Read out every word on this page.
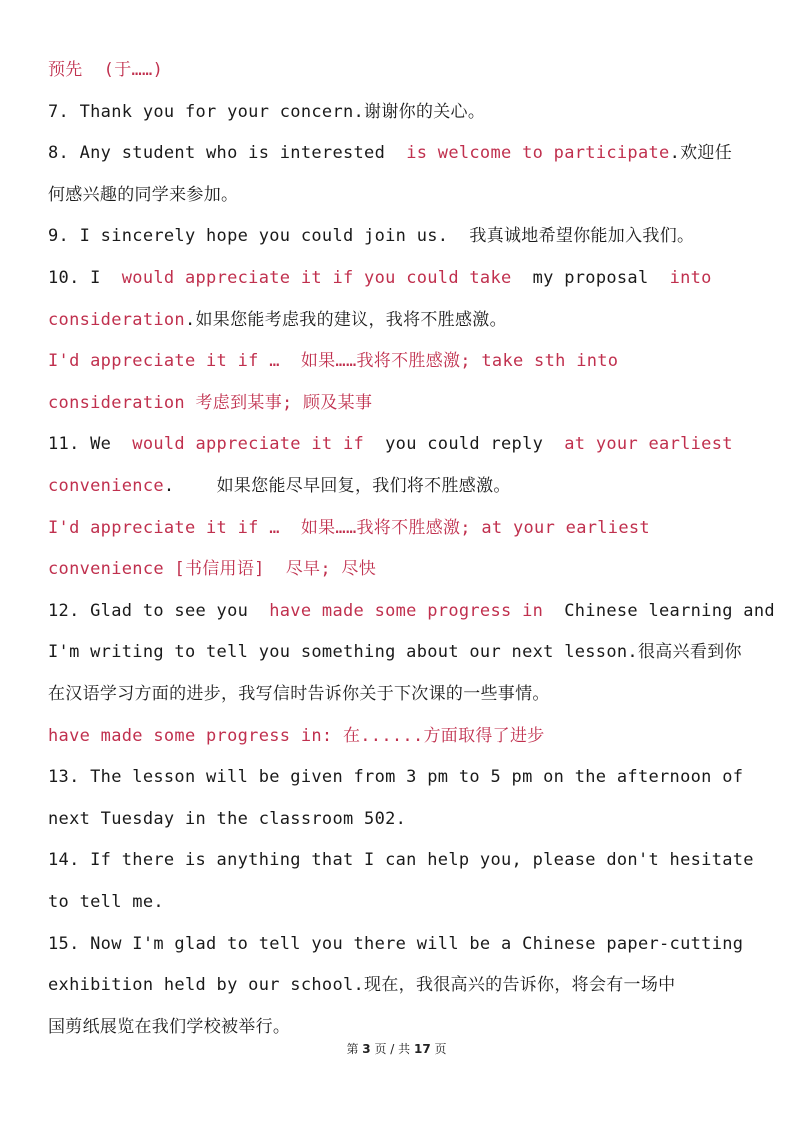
预先  (于……)
7. Thank you for your concern.谢谢你的关心。
8. Any student who is interested  is welcome to participate.欢迎任
何感兴趣的同学来参加。
9. I sincerely hope you could join us.  我真诚地希望你能加入我们。
10. I  would appreciate it if you could take  my proposal  into
consideration.如果您能考虑我的建议，我将不胜感激。
I'd appreciate it if …  如果……我将不胜感激; take sth into
consideration 考虑到某事; 顾及某事
11. We  would appreciate it if  you could reply  at your earliest
convenience.    如果您能尽早回复，我们将不胜感激。
I'd appreciate it if …  如果……我将不胜感激; at your earliest
convenience [书信用语]  尽早; 尽快
12. Glad to see you  have made some progress in  Chinese learning and
I'm writing to tell you something about our next lesson.很高兴看到你
在汉语学习方面的进步，我写信时告诉你关于下次课的一些事情。
have made some progress in: 在......方面取得了进步
13. The lesson will be given from 3 pm to 5 pm on the afternoon of
next Tuesday in the classroom 502.
14. If there is anything that I can help you, please don't hesitate
to tell me.
15. Now I'm glad to tell you there will be a Chinese paper-cutting
exhibition held by our school.现在，我很高兴的告诉你，将会有一场中
国剪纸展览在我们学校被举行。
第 3 页 / 共 17 页
